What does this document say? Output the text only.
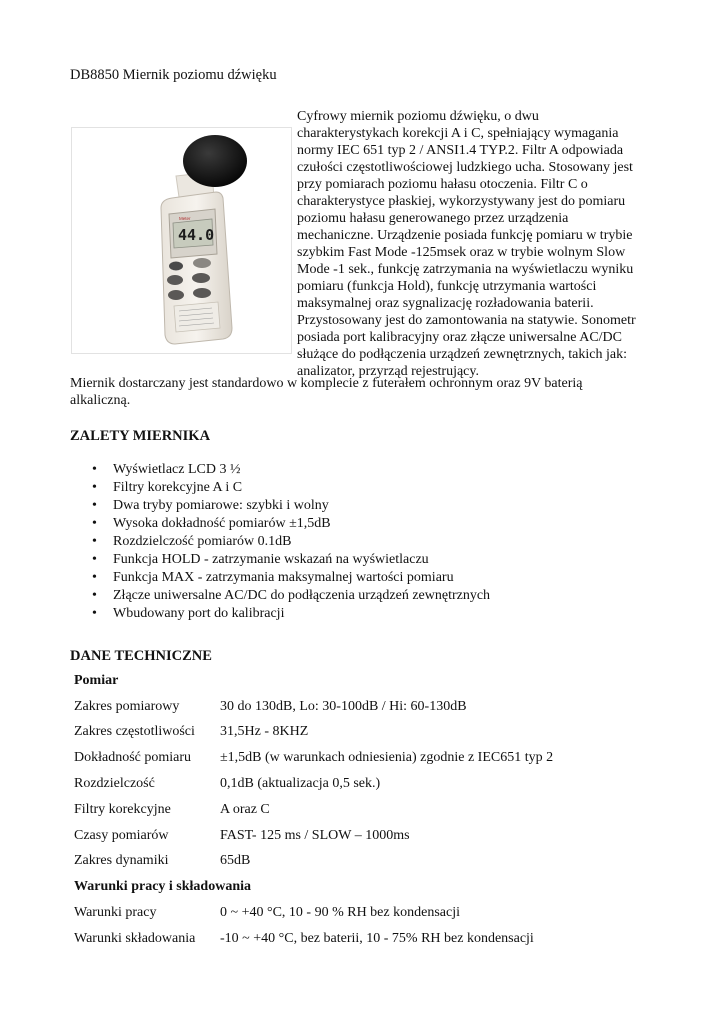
DB8850 Miernik poziomu dźwięku
Meter
44.0
Cyfrowy miernik poziomu dźwięku, o dwu
charakterystykach korekcji A i C, spełniający wymagania
normy IEC 651 typ 2 / ANSI1.4 TYP.2. Filtr A odpowiada
czułości częstotliwościowej ludzkiego ucha. Stosowany jest
przy pomiarach poziomu hałasu otoczenia. Filtr C o
charakterystyce płaskiej, wykorzystywany jest do pomiaru
poziomu hałasu generowanego przez urządzenia
mechaniczne. Urządzenie posiada funkcję pomiaru w trybie
szybkim Fast Mode -125msek oraz w trybie wolnym Slow
Mode -1 sek., funkcję zatrzymania na wyświetlaczu wyniku
pomiaru (funkcja Hold), funkcję utrzymania wartości
maksymalnej oraz sygnalizację rozładowania baterii.
Przystosowany jest do zamontowania na statywie. Sonometr
posiada port kalibracyjny oraz złącze uniwersalne AC/DC
służące do podłączenia urządzeń zewnętrznych, takich jak:
analizator, przyrząd rejestrujący.
Miernik dostarczany jest standardowo w komplecie z futerałem ochronnym oraz 9V baterią
alkaliczną.
ZALETY MIERNIKA
• Wyświetlacz LCD 3 ½
• Filtry korekcyjne A i C
• Dwa tryby pomiarowe: szybki i wolny
• Wysoka dokładność pomiarów ±1,5dB
• Rozdzielczość pomiarów 0.1dB
• Funkcja HOLD - zatrzymanie wskazań na wyświetlaczu
• Funkcja MAX - zatrzymania maksymalnej wartości pomiaru
• Złącze uniwersalne AC/DC do podłączenia urządzeń zewnętrznych
• Wbudowany port do kalibracji
DANE TECHNICZNE
Pomiar	
Zakres pomiarowy	30 do 130dB, Lo: 30-100dB / Hi: 60-130dB
Zakres częstotliwości	31,5Hz - 8KHZ
Dokładność pomiaru	±1,5dB (w warunkach odniesienia) zgodnie z IEC651 typ 2
Rozdzielczość	0,1dB (aktualizacja 0,5 sek.)
Filtry korekcyjne	A oraz C
Czasy pomiarów	FAST- 125 ms / SLOW – 1000ms
Zakres dynamiki	65dB
Warunki pracy i składowania	
Warunki pracy	0 ~ +40 °C, 10 - 90 % RH bez kondensacji
Warunki składowania	-10 ~ +40 °C, bez baterii, 10 - 75% RH bez kondensacji
